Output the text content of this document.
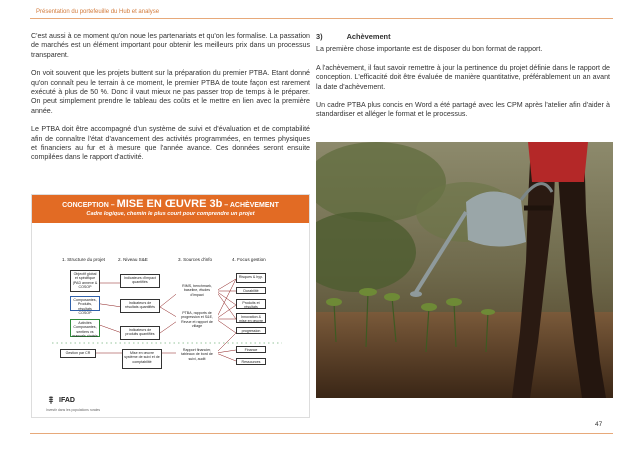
Présentation du portefeuille du Hub et analyse

C'est aussi à ce moment qu'on noue les partenariats et qu'on les formalise. La passation de marchés est un élément important pour obtenir les meilleurs prix dans un processus transparent.

On voit souvent que les projets buttent sur la préparation du premier PTBA. Etant donné qu'on connaît peu le terrain à ce moment, le premier PTBA de toute façon est rarement exécuté à plus de 50 %. Donc il vaut mieux ne pas passer trop de temps à le préparer. On peut simplement prendre le tableau des coûts et le mettre en lien avec la première année.

Le PTBA doit être accompagné d'un système de suivi et d'évaluation et de comptabilité afin de connaître l'état d'avancement des activités programmées, en termes physiques et financiers au fur et à mesure que l'année avance. Ces données seront ensuite compilées dans le rapport d'activité.

3)	Achèvement

La première chose importante est de disposer du bon format de rapport.

A l'achèvement, il faut savoir remettre à jour la pertinence du projet définie dans le rapport de conception. L'efficacité doit être évaluée de manière quantitative, préférablement un an avant la date d'achèvement.

Un cadre PTBA plus concis en Word a été partagé avec les CPM après l'atelier afin d'aider à standardiser et alléger le format et le processus.

CONCEPTION – MISE EN ŒUVRE 3b – ACHÈVEMENT
Cadre logique, chemin le plus court pour comprendre un projet
1. Structure du projet	2. Niveau S&E	3. Sources d'info	4. Focus gestion
Objectif global et spécifique (PAD annexe & COSOP
Composantes, Produits, résultats COSOP
Activités Composantes, sentiers vs manuels choisis
Gestion par CR
Indicateurs d'impact quantifiés
Indicateurs de résultats quantifiés
Indicateurs de produits quantifiés
Mise en œuvre système de suivi et de comptabilité
RIMS, benchmark, baseline, études d'impact
PTBA, rapports de progression et S&E, Revue et rapport de village
Rapport financier, tableaux de bord de suivi, audit
Risques & hyp.
Durabilité
Produits et résultats
Innovation & mise en œuvre
progression
Finance
Ressources
IFAD
Investir dans les populations rurales
47
